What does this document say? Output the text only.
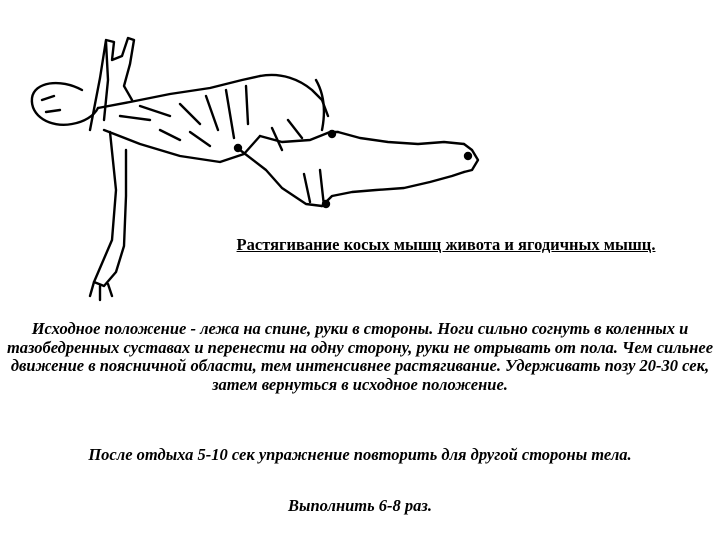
Растягивание косых мышц живота и ягодичных мышц.

Исходное положение - лежа на спине, руки в стороны. Ноги сильно согнуть в коленных и тазобедренных суставах и перенести на одну сторону, руки не отрывать от пола. Чем сильнее движение в поясничной области, тем интенсивнее растягивание. Удерживать позу 20-30 сек, затем вернуться в исходное положение.

После отдыха 5-10 сек упражнение повторить для другой стороны тела.

Выполнить 6-8 раз.
